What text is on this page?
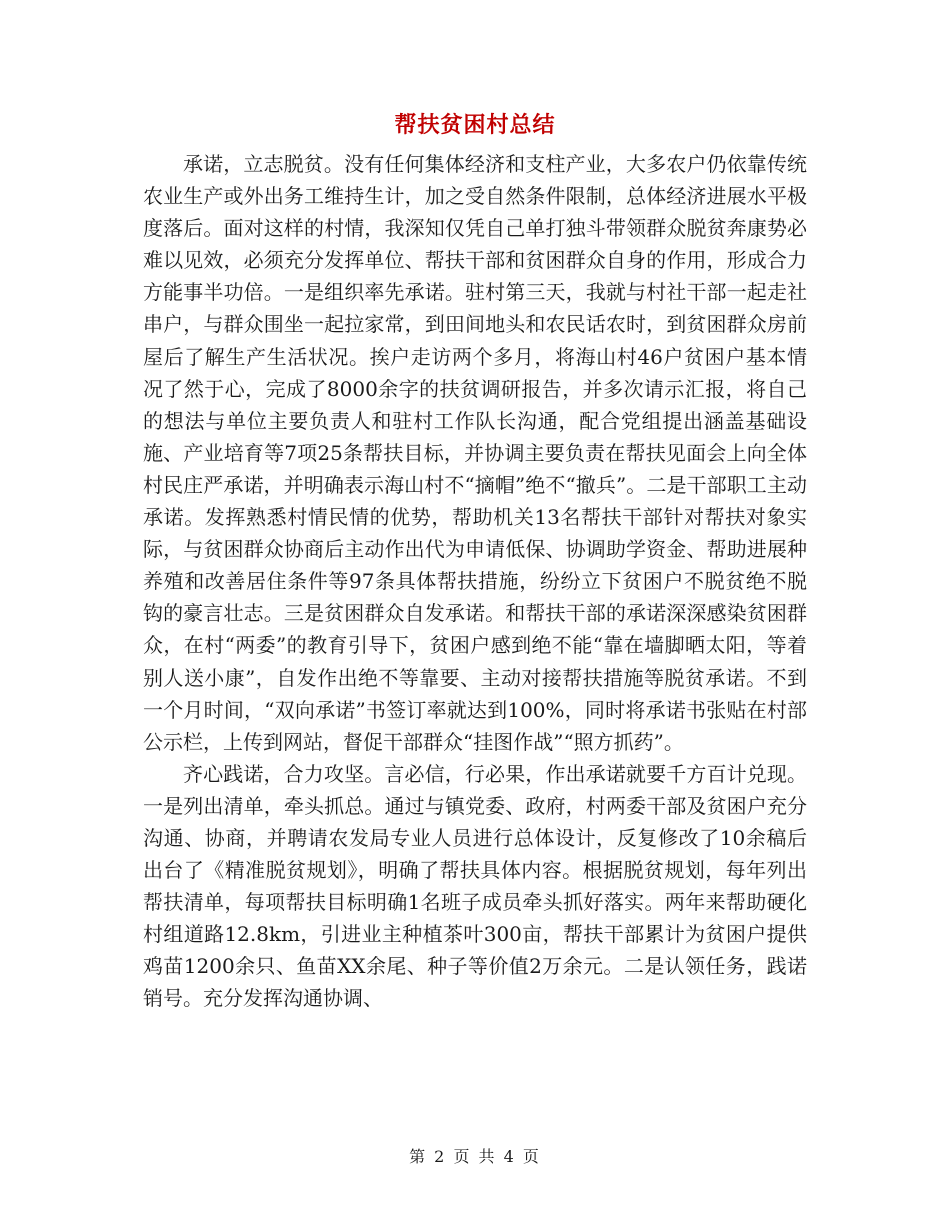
帮扶贫困村总结

承诺，立志脱贫。没有任何集体经济和支柱产业，大多农户仍依靠传统农业生产或外出务工维持生计，加之受自然条件限制，总体经济进展水平极度落后。面对这样的村情，我深知仅凭自己单打独斗带领群众脱贫奔康势必难以见效，必须充分发挥单位、帮扶干部和贫困群众自身的作用，形成合力方能事半功倍。一是组织率先承诺。驻村第三天，我就与村社干部一起走社串户，与群众围坐一起拉家常，到田间地头和农民话农时，到贫困群众房前屋后了解生产生活状况。挨户走访两个多月，将海山村46户贫困户基本情况了然于心，完成了8000余字的扶贫调研报告，并多次请示汇报，将自己的想法与单位主要负责人和驻村工作队长沟通，配合党组提出涵盖基础设施、产业培育等7项25条帮扶目标，并协调主要负责在帮扶见面会上向全体村民庄严承诺，并明确表示海山村不“摘帽”绝不“撤兵”。二是干部职工主动承诺。发挥熟悉村情民情的优势，帮助机关13名帮扶干部针对帮扶对象实际，与贫困群众协商后主动作出代为申请低保、协调助学资金、帮助进展种养殖和改善居住条件等97条具体帮扶措施，纷纷立下贫困户不脱贫绝不脱钩的豪言壮志。三是贫困群众自发承诺。和帮扶干部的承诺深深感染贫困群众，在村“两委”的教育引导下，贫困户感到绝不能“靠在墙脚晒太阳，等着别人送小康”，自发作出绝不等靠要、主动对接帮扶措施等脱贫承诺。不到一个月时间，“双向承诺”书签订率就达到100%，同时将承诺书张贴在村部公示栏，上传到网站，督促干部群众“挂图作战”“照方抓药”。

齐心践诺，合力攻坚。言必信，行必果，作出承诺就要千方百计兑现。一是列出清单，牵头抓总。通过与镇党委、政府，村两委干部及贫困户充分沟通、协商，并聘请农发局专业人员进行总体设计，反复修改了10余稿后出台了《精准脱贫规划》，明确了帮扶具体内容。根据脱贫规划，每年列出帮扶清单，每项帮扶目标明确1名班子成员牵头抓好落实。两年来帮助硬化村组道路12.8km，引进业主种植茶叶300亩，帮扶干部累计为贫困户提供鸡苗1200余只、鱼苗XX余尾、种子等价值2万余元。二是认领任务，践诺销号。充分发挥沟通协调、

第 2 页 共 4 页
